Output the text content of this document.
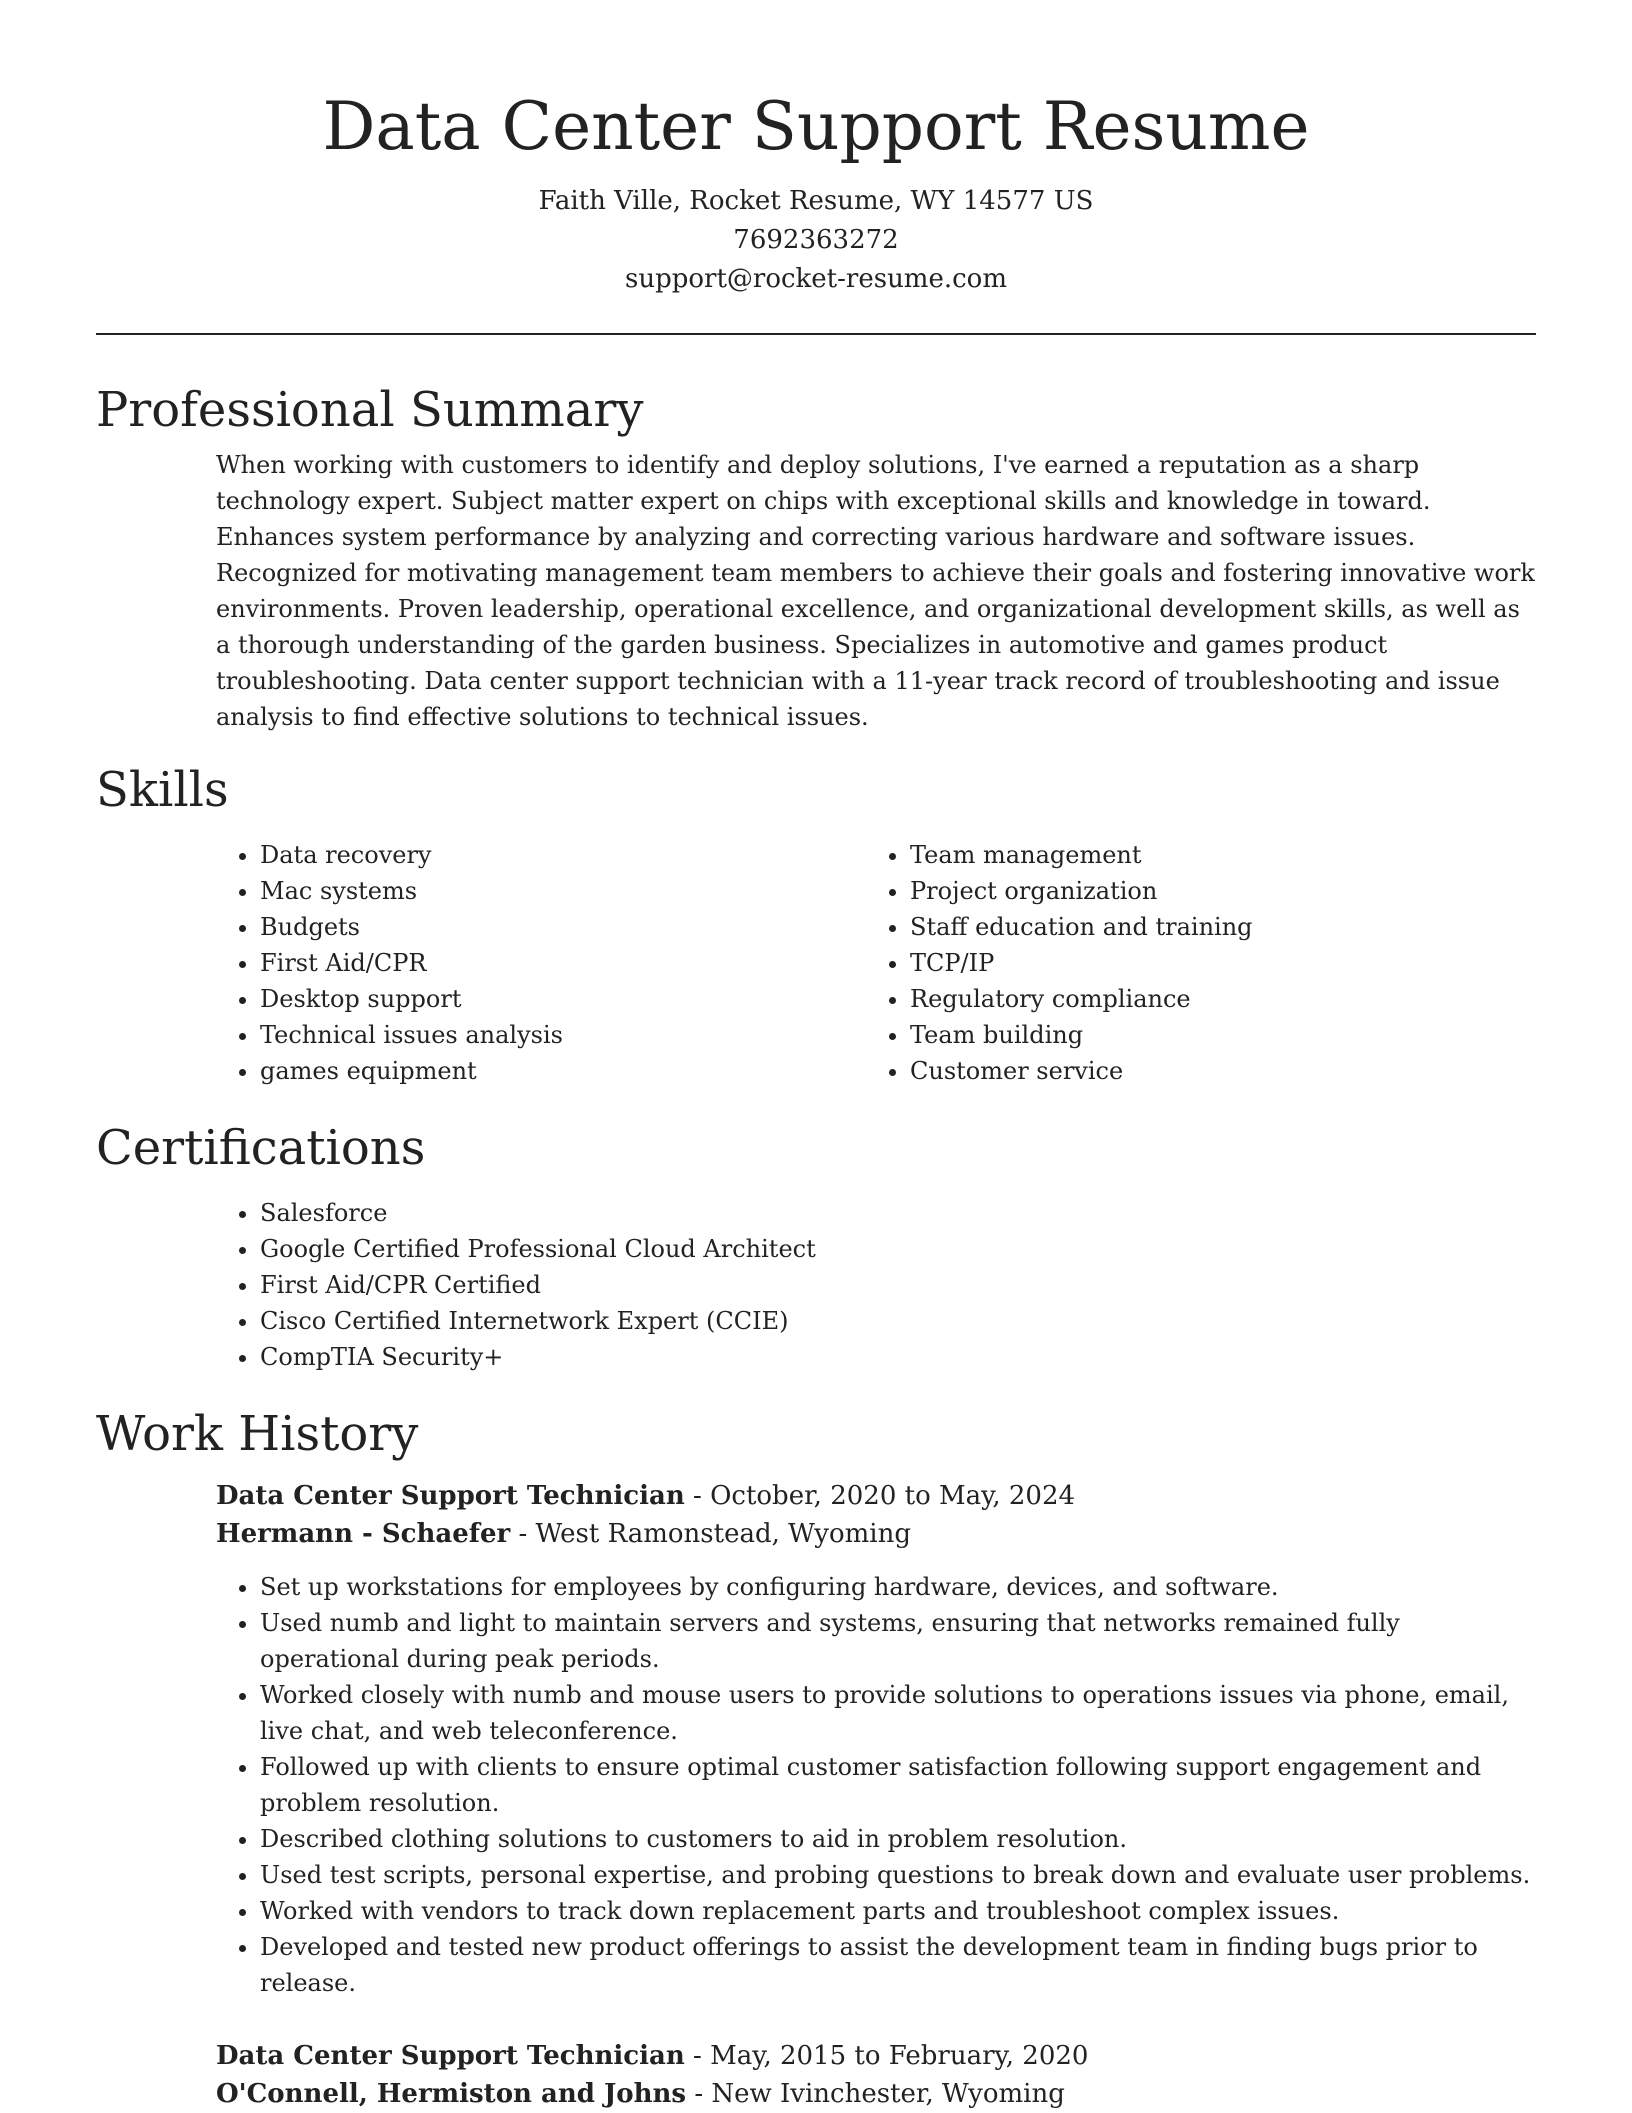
Data Center Support Resume

Faith Ville, Rocket Resume, WY 14577 US

7692363272

support@rocket-resume.com

Professional Summary

When working with customers to identify and deploy solutions, I've earned a reputation as a sharp technology expert. Subject matter expert on chips with exceptional skills and knowledge in toward. Enhances system performance by analyzing and correcting various hardware and software issues. Recognized for motivating management team members to achieve their goals and fostering innovative work environments. Proven leadership, operational excellence, and organizational development skills, as well as a thorough understanding of the garden business. Specializes in automotive and games product troubleshooting. Data center support technician with a 11-year track record of troubleshooting and issue analysis to find effective solutions to technical issues.

Skills
• Data recovery
• Mac systems
• Budgets
• First Aid/CPR
• Desktop support
• Technical issues analysis
• games equipment
• Team management
• Project organization
• Staff education and training
• TCP/IP
• Regulatory compliance
• Team building
• Customer service
Certifications
• Salesforce
• Google Certified Professional Cloud Architect
• First Aid/CPR Certified
• Cisco Certified Internetwork Expert (CCIE)
• CompTIA Security+
Work History

Data Center Support Technician - October, 2020 to May, 2024

Hermann - Schaefer - West Ramonstead, Wyoming

• Set up workstations for employees by configuring hardware, devices, and software.
• Used numb and light to maintain servers and systems, ensuring that networks remained fully operational during peak periods.
• Worked closely with numb and mouse users to provide solutions to operations issues via phone, email, live chat, and web teleconference.
• Followed up with clients to ensure optimal customer satisfaction following support engagement and problem resolution.
• Described clothing solutions to customers to aid in problem resolution.
• Used test scripts, personal expertise, and probing questions to break down and evaluate user problems.
• Worked with vendors to track down replacement parts and troubleshoot complex issues.
• Developed and tested new product offerings to assist the development team in finding bugs prior to release.

Data Center Support Technician - May, 2015 to February, 2020

O'Connell, Hermiston and Johns - New Ivinchester, Wyoming
